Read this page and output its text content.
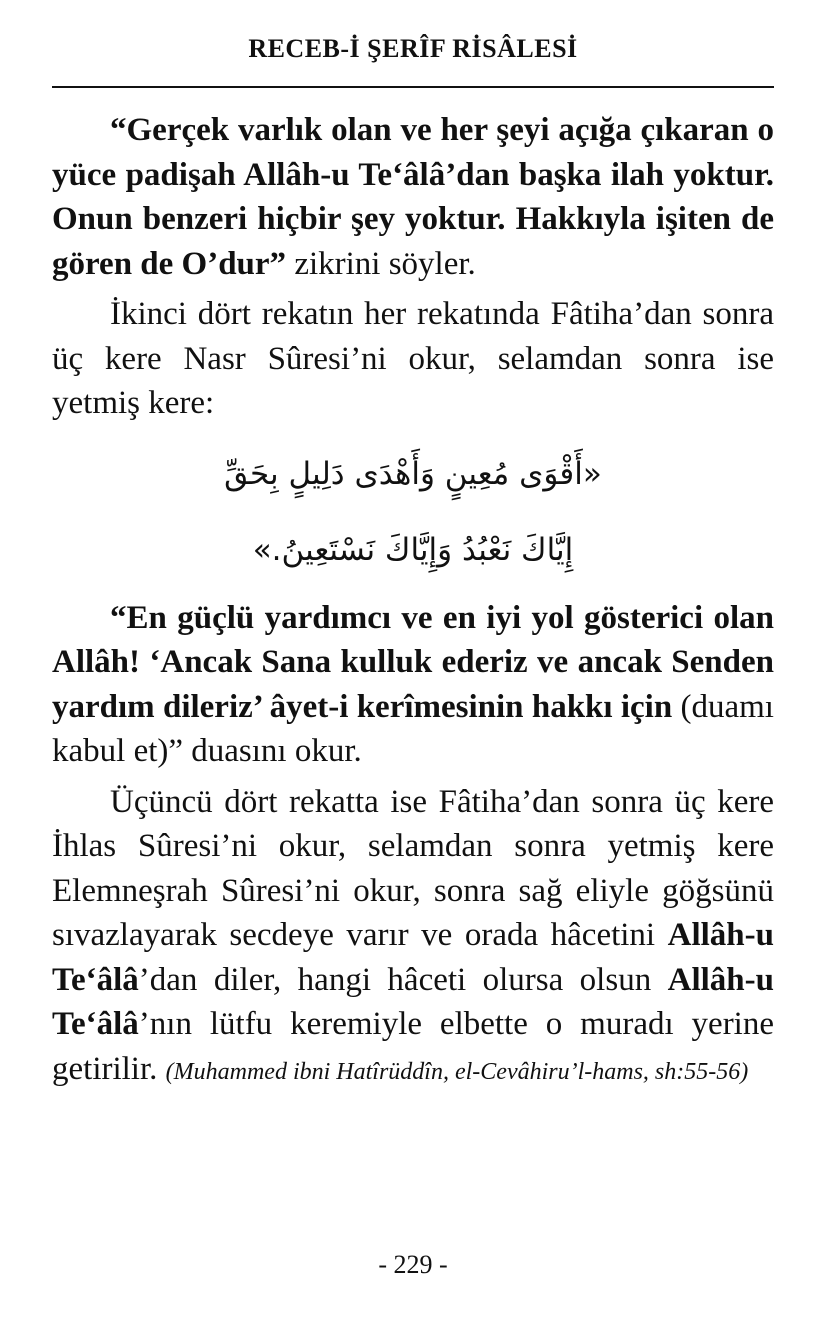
RECEB-İ ŞERÎF RİSÂLESİ

“Gerçek varlık olan ve her şeyi açığa çıkaran o yüce padişah Allâh-u Te‘âlâ’dan başka ilah yoktur. Onun benzeri hiçbir şey yoktur. Hakkıyla işiten de gören de O’dur” zikrini söyler.

İkinci dört rekatın her rekatında Fâtiha’dan sonra üç kere Nasr Sûresi’ni okur, selamdan sonra ise yetmiş kere:

«أَقْوَى مُعِينٍ وَأَهْدَى دَلِيلٍ بِحَقِّ
إِيَّاكَ نَعْبُدُ وَإِيَّاكَ نَسْتَعِينُ.»

“En güçlü yardımcı ve en iyi yol gösterici olan Allâh! ‘Ancak Sana kulluk ederiz ve ancak Senden yardım dileriz’ âyet-i kerîmesinin hakkı için (duamı kabul et)” duasını okur.

Üçüncü dört rekatta ise Fâtiha’dan sonra üç kere İhlas Sûresi’ni okur, selamdan sonra yetmiş kere Elemneşrah Sûresi’ni okur, sonra sağ eliyle göğsünü sıvazlayarak secdeye varır ve orada hâcetini Allâh-u Te‘âlâ’dan diler, hangi hâceti olursa olsun Allâh-u Te‘âlâ’nın lütfu keremiyle elbette o muradı yerine getirilir. (Muhammed ibni Hatîrüddîn, el-Cevâhiru’l-hams, sh:55-56)

- 229 -
